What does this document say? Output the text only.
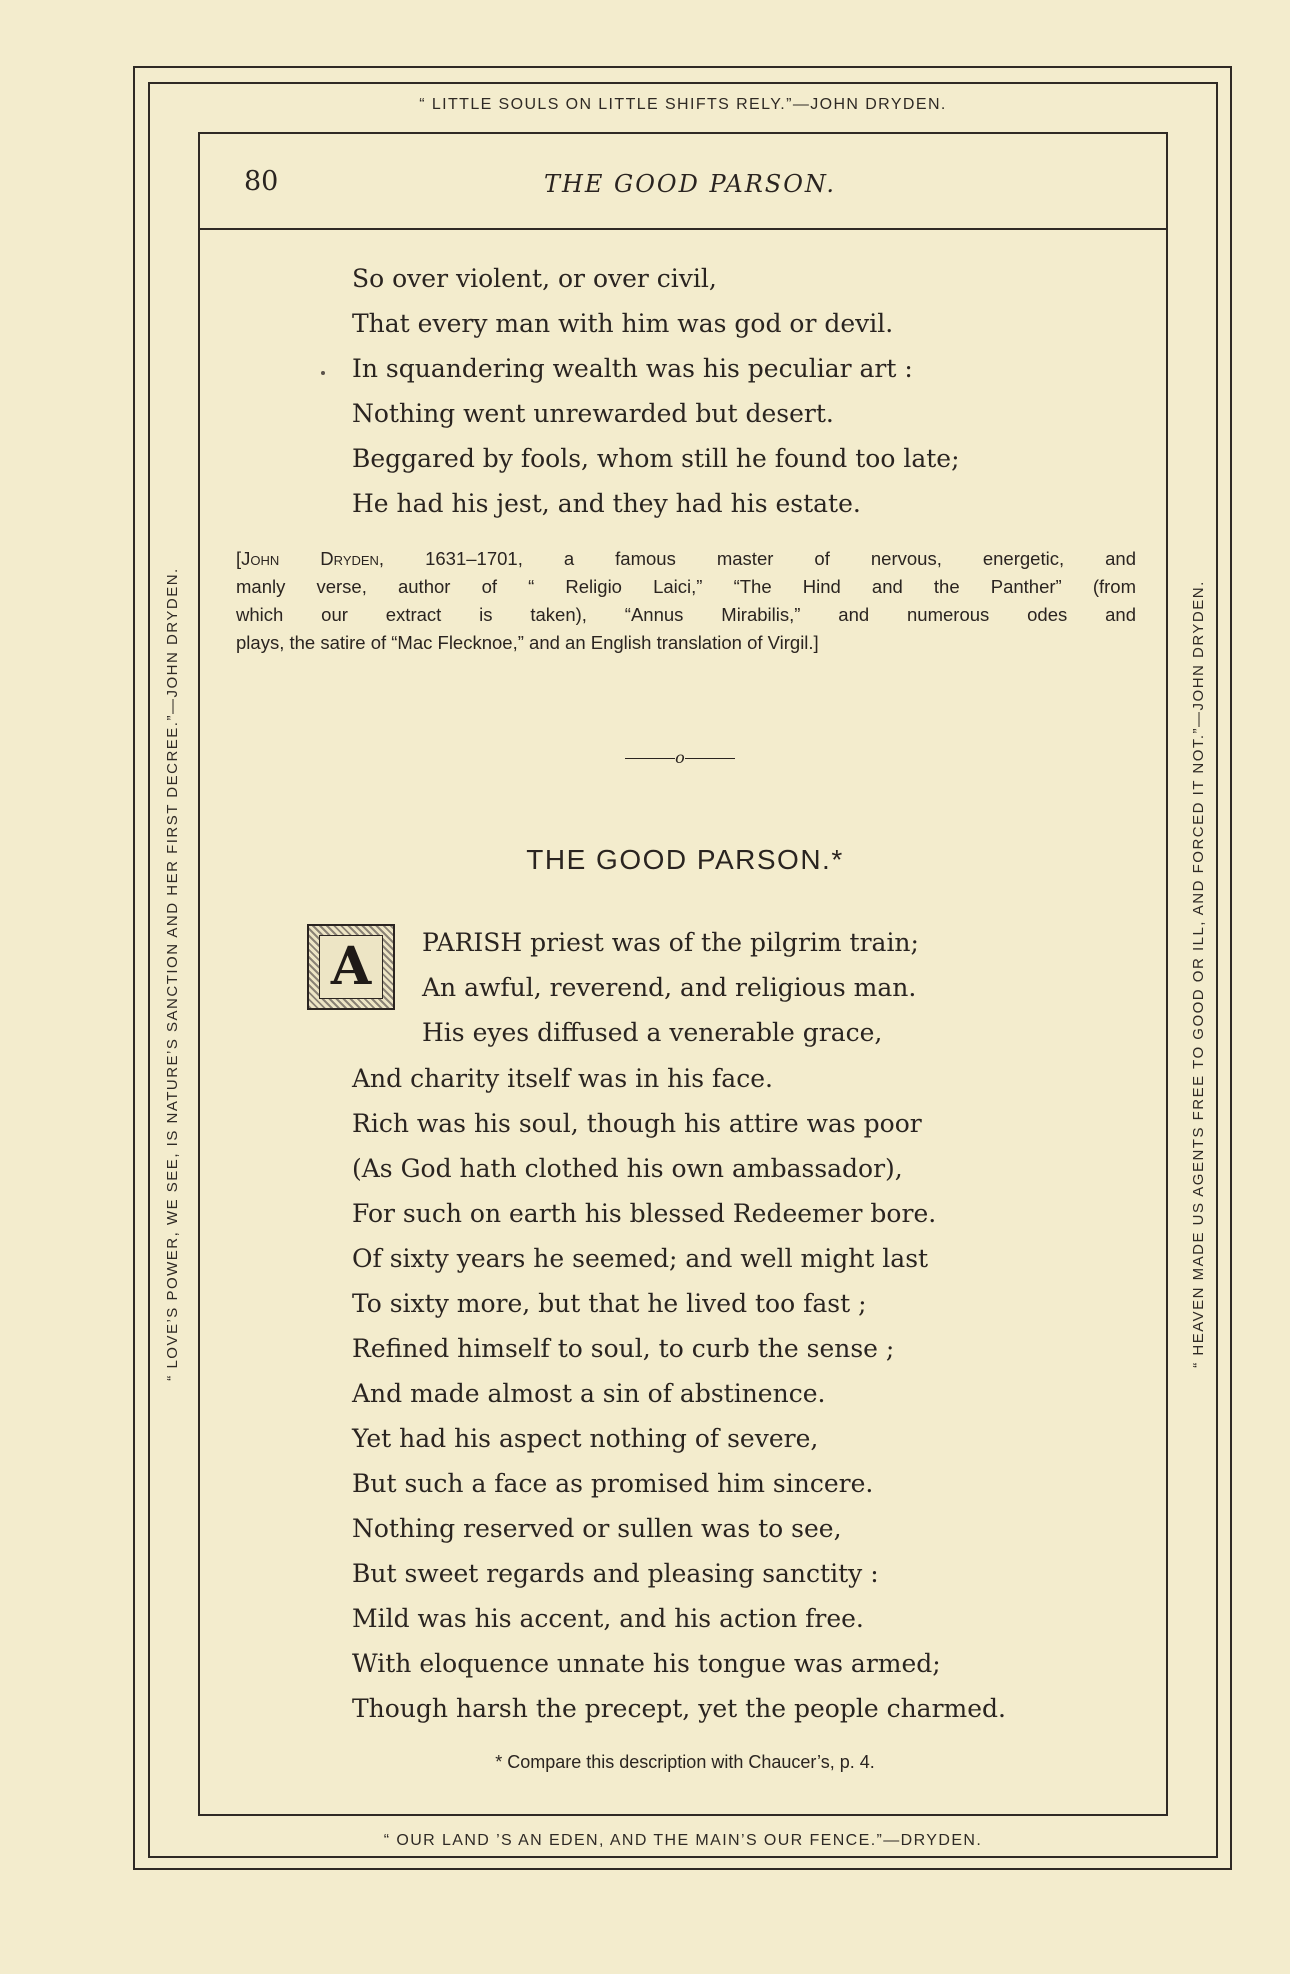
“ LITTLE SOULS ON LITTLE SHIFTS RELY.”—JOHN DRYDEN.
“ OUR LAND ’S AN EDEN, AND THE MAIN’S OUR FENCE.”—DRYDEN.
“ LOVE’S POWER, WE SEE, IS NATURE’S SANCTION AND HER FIRST DECREE.”—JOHN DRYDEN.	“ HEAVEN MADE US AGENTS FREE TO GOOD OR ILL, AND FORCED IT NOT.”—JOHN DRYDEN.
80	THE GOOD PARSON.
So over violent, or over civil,
That every man with him was god or devil.
In squandering wealth was his peculiar art :
Nothing went unrewarded but desert.
Beggared by fools, whom still he found too late;
He had his jest, and they had his estate.
[John Dryden, 1631–1701, a famous master of nervous, energetic, and
manly verse, author of “ Religio Laici,” “The Hind and the Panther” (from
which our extract is taken), “Annus Mirabilis,” and numerous odes and
plays, the satire of “Mac Flecknoe,” and an English translation of Virgil.]
o
THE GOOD PARSON.*
A	PARISH priest was of the pilgrim train;
An awful, reverend, and religious man.
His eyes diffused a venerable grace,
And charity itself was in his face.
Rich was his soul, though his attire was poor
(As God hath clothed his own ambassador),
For such on earth his blessed Redeemer bore.
Of sixty years he seemed; and well might last
To sixty more, but that he lived too fast ;
Refined himself to soul, to curb the sense ;
And made almost a sin of abstinence.
Yet had his aspect nothing of severe,
But such a face as promised him sincere.
Nothing reserved or sullen was to see,
But sweet regards and pleasing sanctity :
Mild was his accent, and his action free.
With eloquence unnate his tongue was armed;
Though harsh the precept, yet the people charmed.
* Compare this description with Chaucer’s, p. 4.
